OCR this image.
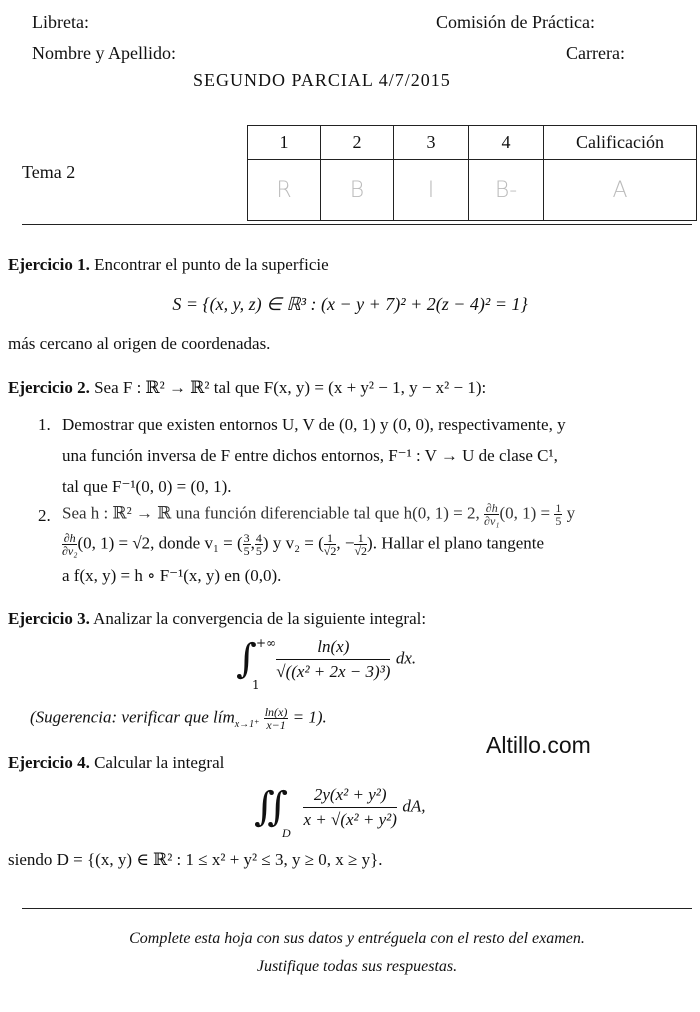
Libreta:	Comisión de Práctica:
Nombre y Apellido:	Carrera:
SEGUNDO PARCIAL 4/7/2015
Tema 2
1	2	3	4	Calificación
R	B	I	B-	A
Ejercicio 1. Encontrar el punto de la superficie
S = {(x, y, z) ∈ ℝ³ : (x − y + 7)² + 2(z − 4)² = 1}
más cercano al origen de coordenadas.
Ejercicio 2. Sea F : ℝ² → ℝ² tal que F(x, y) = (x + y² − 1, y − x² − 1):
1. Demostrar que existen entornos U, V de (0, 1) y (0, 0), respectivamente, y
una función inversa de F entre dichos entornos, F⁻¹ : V → U de clase C¹,
tal que F⁻¹(0, 0) = (0, 1).
2. Sea h : ℝ² → ℝ una función diferenciable tal que h(0, 1) = 2, $\frac{\partial h}{\text{∂v₁}} (0$, $1) = \frac{1}{5}$ y
$\frac{\partial h}{\text{∂v₂}} (0$, 1) = √2, donde v₁ = ( $\frac{3}{5}$ , $\frac{4}{5}$ ) y v₂ = ( $\frac{1}{√2}$ , − $\frac{1}{√2}$ ). Hallar el plano tangente
a f(x, y) = h ∘ F⁻¹(x, y) en (0,0).
Ejercicio 3. Analizar la convergencia de la siguiente integral:
∫ +∞
1
$\frac{\ln(x)}{\text{√((x² + 2x − 3)³)}}$ dx.
(Sugerencia: verificar que lím$_{x\to 1^+}$ $\frac{\ln(x)}{x-1} = 1$).
Altillo.com
Ejercicio 4. Calcular la integral
∬
D
$\frac{\text{2y(x² + y²)}}{\text{x + √(x² + y²)}}$ dA,
siendo D = {(x, y) ∈ ℝ² : 1 ≤ x² + y² ≤ 3, y ≥ 0, x ≥ y}.
Complete esta hoja con sus datos y entréguela con el resto del examen.
Justifique todas sus respuestas.
